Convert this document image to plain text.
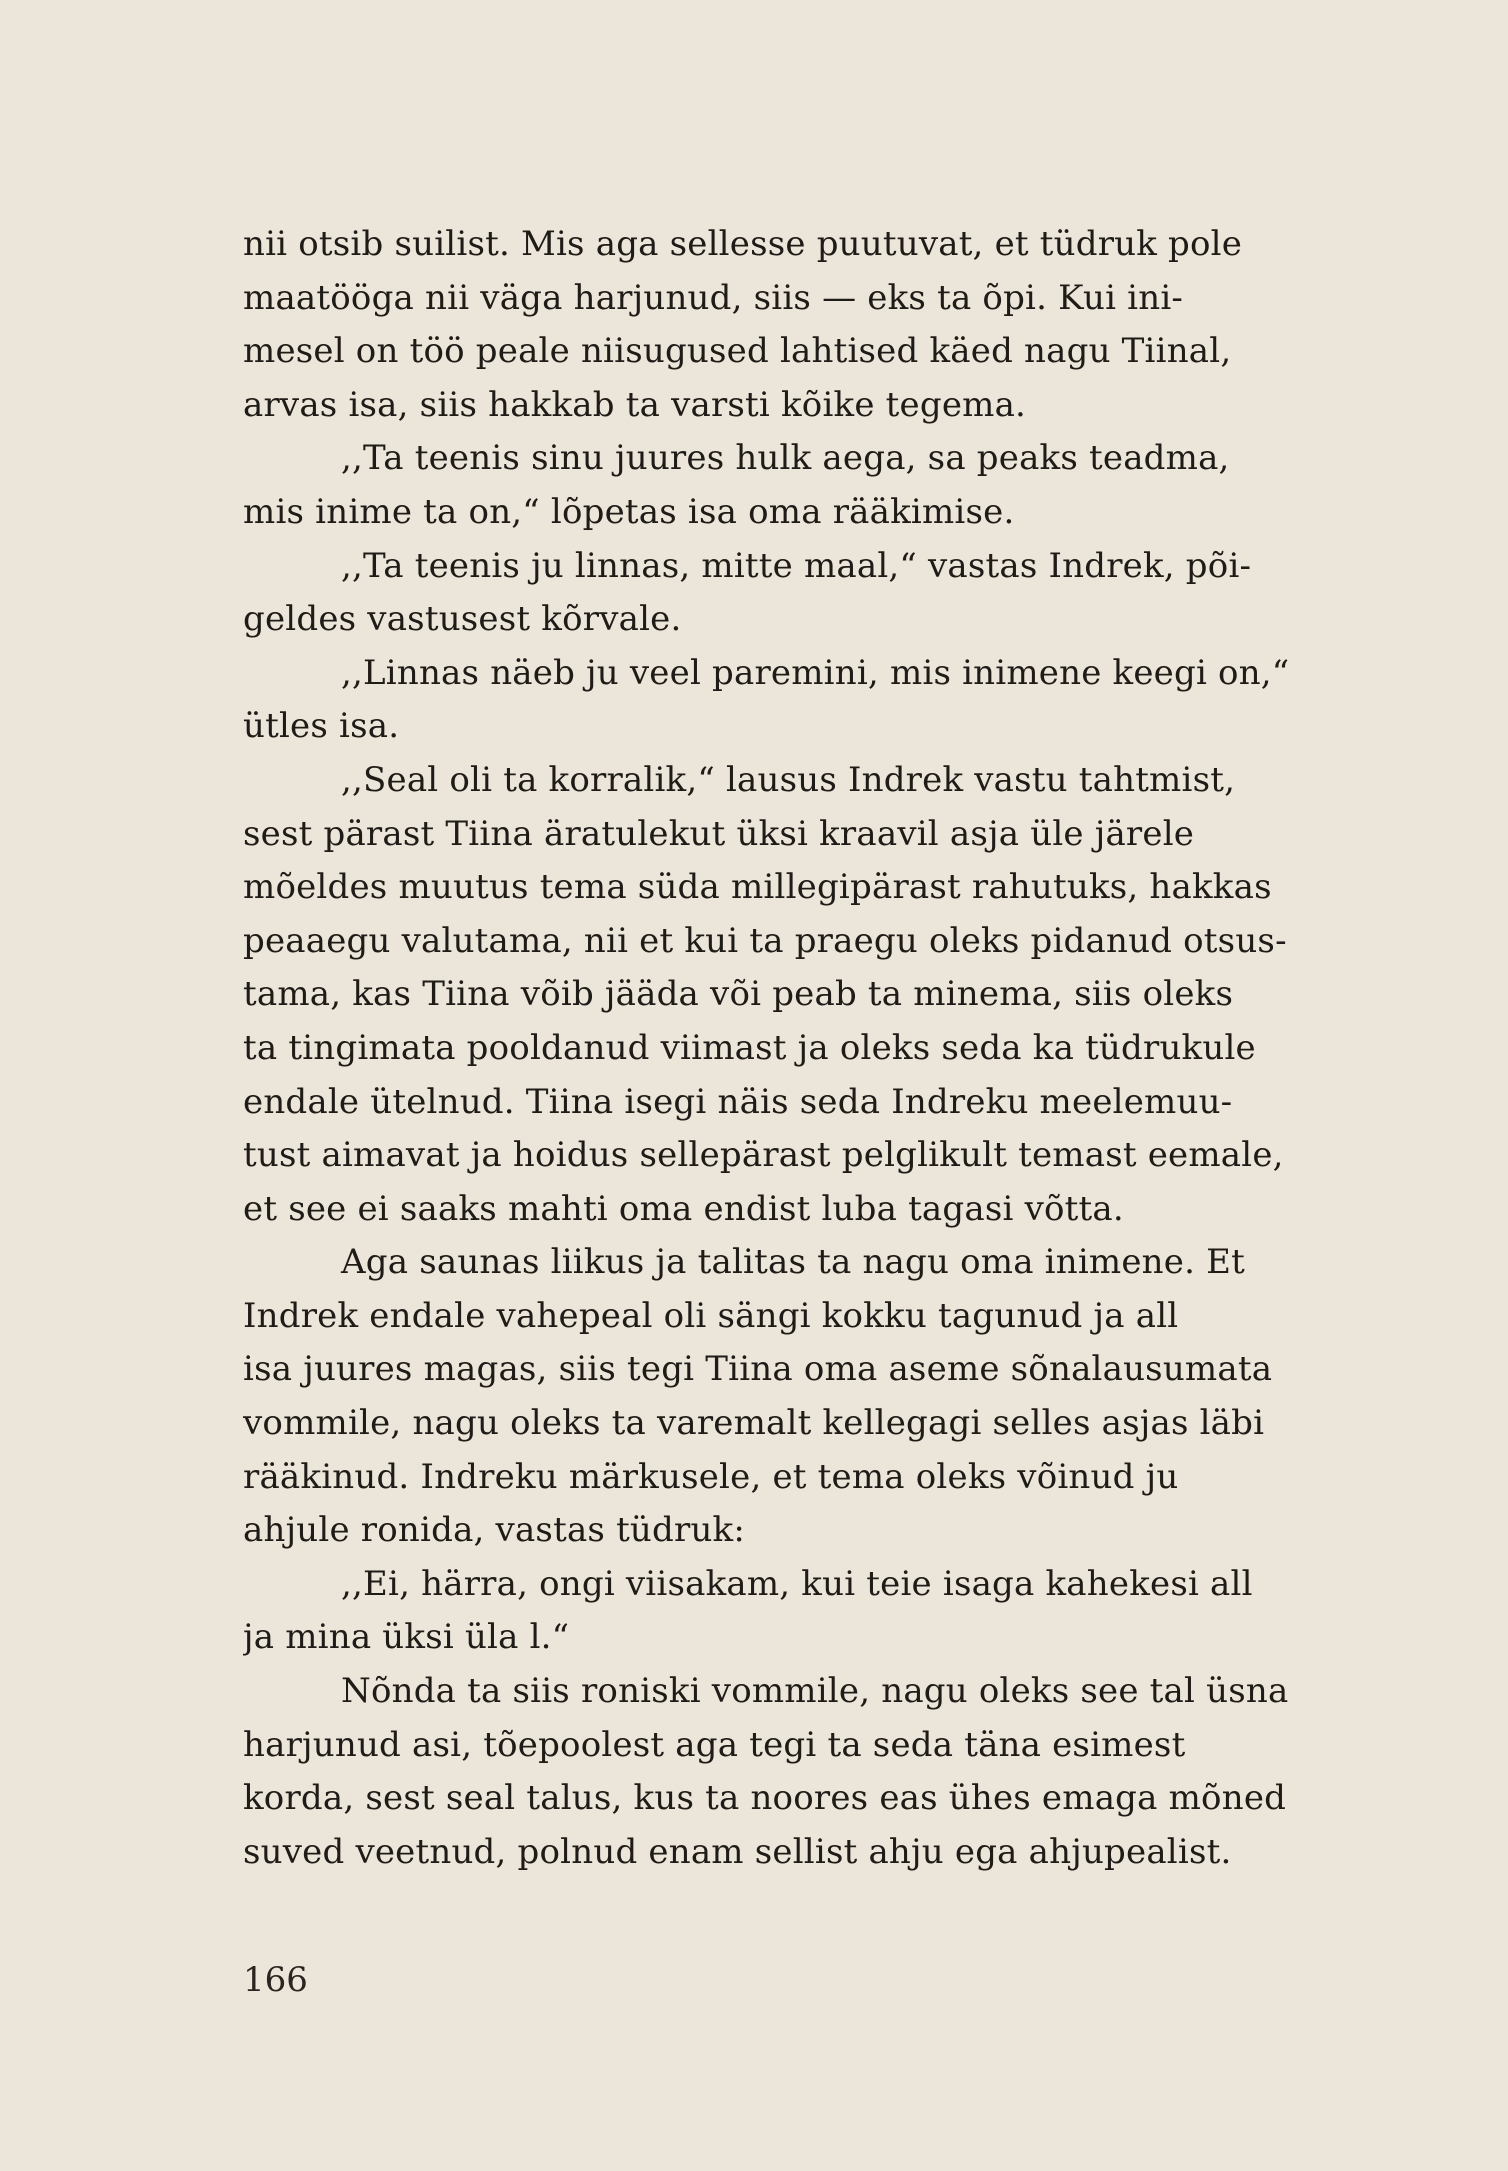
nii otsib suilist. Mis aga sellesse puutuvat, et tüdruk pole
maatööga nii väga harjunud, siis — eks ta õpi. Kui ini-
mesel on töö peale niisugused lahtised käed nagu Tiinal,
arvas isa, siis hakkab ta varsti kõike tegema.
,,Ta teenis sinu juures hulk aega, sa peaks teadma,
mis inime ta on,“ lõpetas isa oma rääkimise.
,,Ta teenis ju linnas, mitte maal,“ vastas Indrek, põi-
geldes vastusest kõrvale.
,,Linnas näeb ju veel paremini, mis inimene keegi on,“
ütles isa.
,,Seal oli ta korralik,“ lausus Indrek vastu tahtmist,
sest pärast Tiina äratulekut üksi kraavil asja üle järele
mõeldes muutus tema süda millegipärast rahutuks, hakkas
peaaegu valutama, nii et kui ta praegu oleks pidanud otsus-
tama, kas Tiina võib jääda või peab ta minema, siis oleks
ta tingimata pooldanud viimast ja oleks seda ka tüdrukule
endale ütelnud. Tiina isegi näis seda Indreku meelemuu-
tust aimavat ja hoidus sellepärast pelglikult temast eemale,
et see ei saaks mahti oma endist luba tagasi võtta.
Aga saunas liikus ja talitas ta nagu oma inimene. Et
Indrek endale vahepeal oli sängi kokku tagunud ja all
isa juures magas, siis tegi Tiina oma aseme sõnalausumata
vommile, nagu oleks ta varemalt kellegagi selles asjas läbi
rääkinud. Indreku märkusele, et tema oleks võinud ju
ahjule ronida, vastas tüdruk:
,,Ei, härra, ongi viisakam, kui teie isaga kahekesi all
ja mina üksi üla l.“
Nõnda ta siis roniski vommile, nagu oleks see tal üsna
harjunud asi, tõepoolest aga tegi ta seda täna esimest
korda, sest seal talus, kus ta noores eas ühes emaga mõned
suved veetnud, polnud enam sellist ahju ega ahjupealist.
166
